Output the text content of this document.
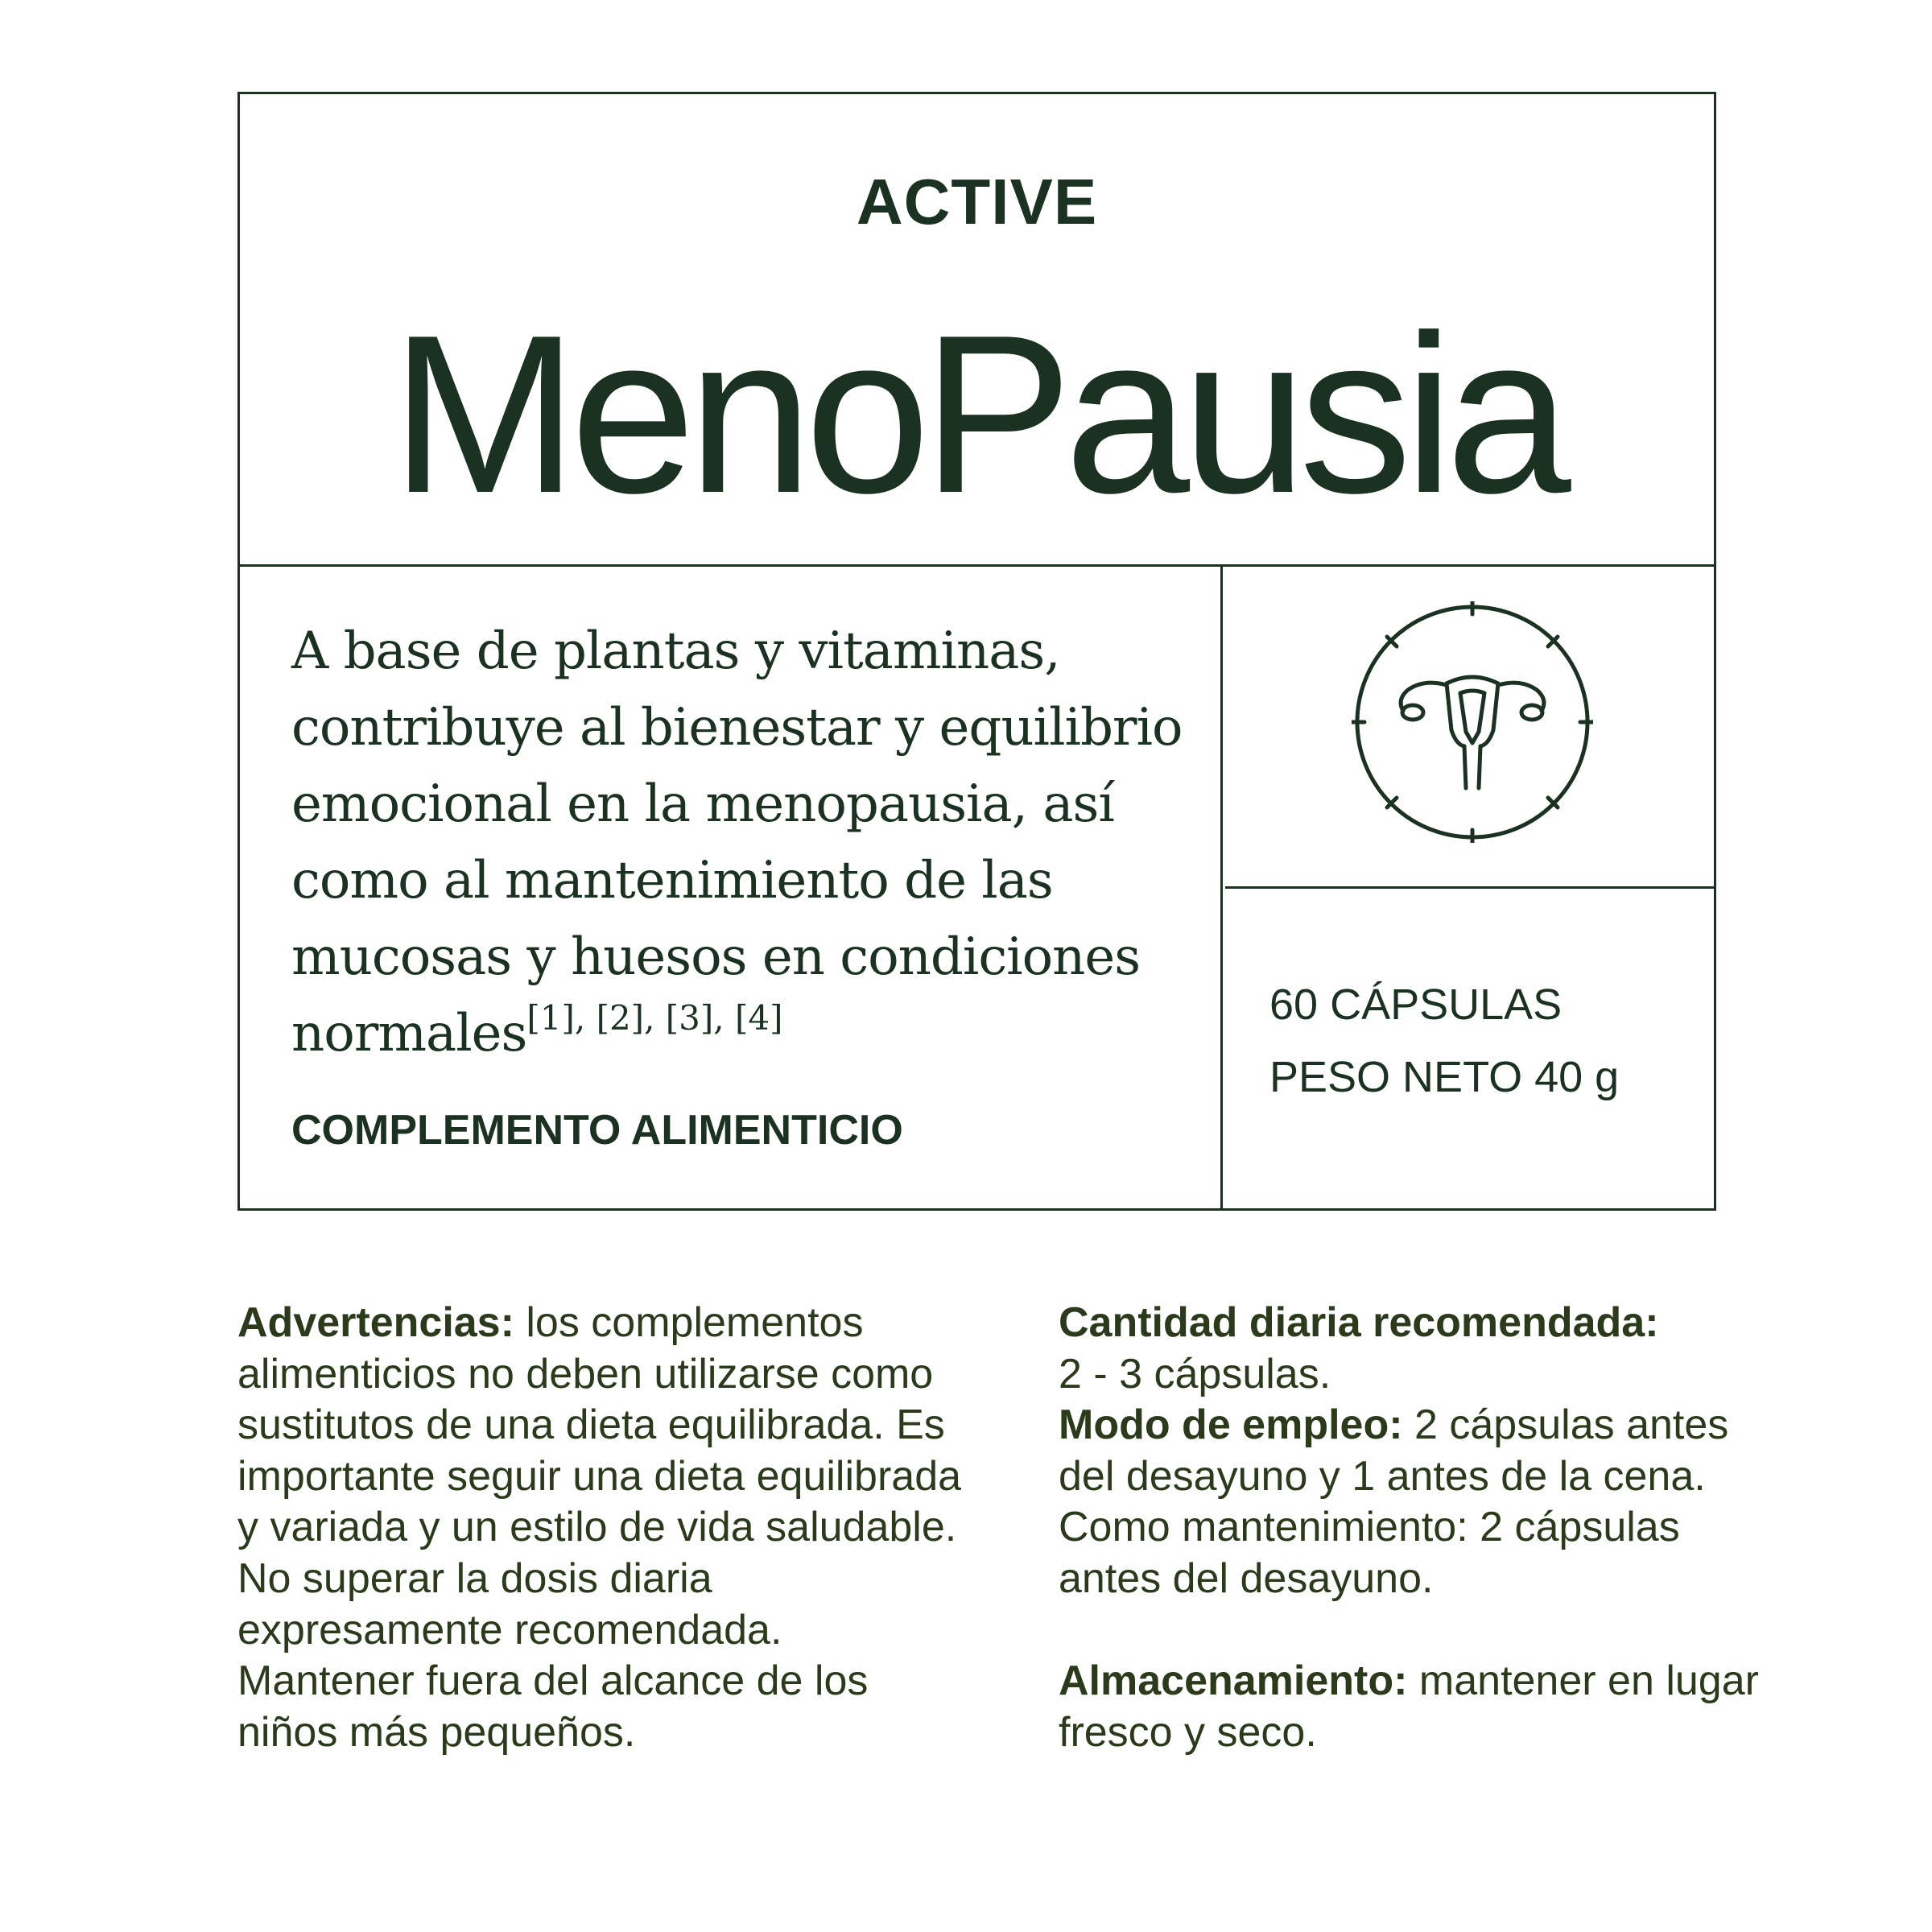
ACTIVE
MenoPausia

A base de plantas y vitaminas, contribuye al bienestar y equilibrio emocional en la menopausia, así como al mantenimiento de las mucosas y huesos en condiciones normales[1], [2], [3], [4]

COMPLEMENTO ALIMENTICIO
60 CÁPSULAS
PESO NETO 40 g
Advertencias: los complementos alimenticios no deben utilizarse como sustitutos de una dieta equilibrada. Es importante seguir una dieta equilibrada y variada y un estilo de vida saludable. No superar la dosis diaria expresamente recomendada. Mantener fuera del alcance de los niños más pequeños.
Cantidad diaria recomendada:
2 - 3 cápsulas.
Modo de empleo: 2 cápsulas antes del desayuno y 1 antes de la cena. Como mantenimiento: 2 cápsulas antes del desayuno.
Almacenamiento: mantener en lugar fresco y seco.
